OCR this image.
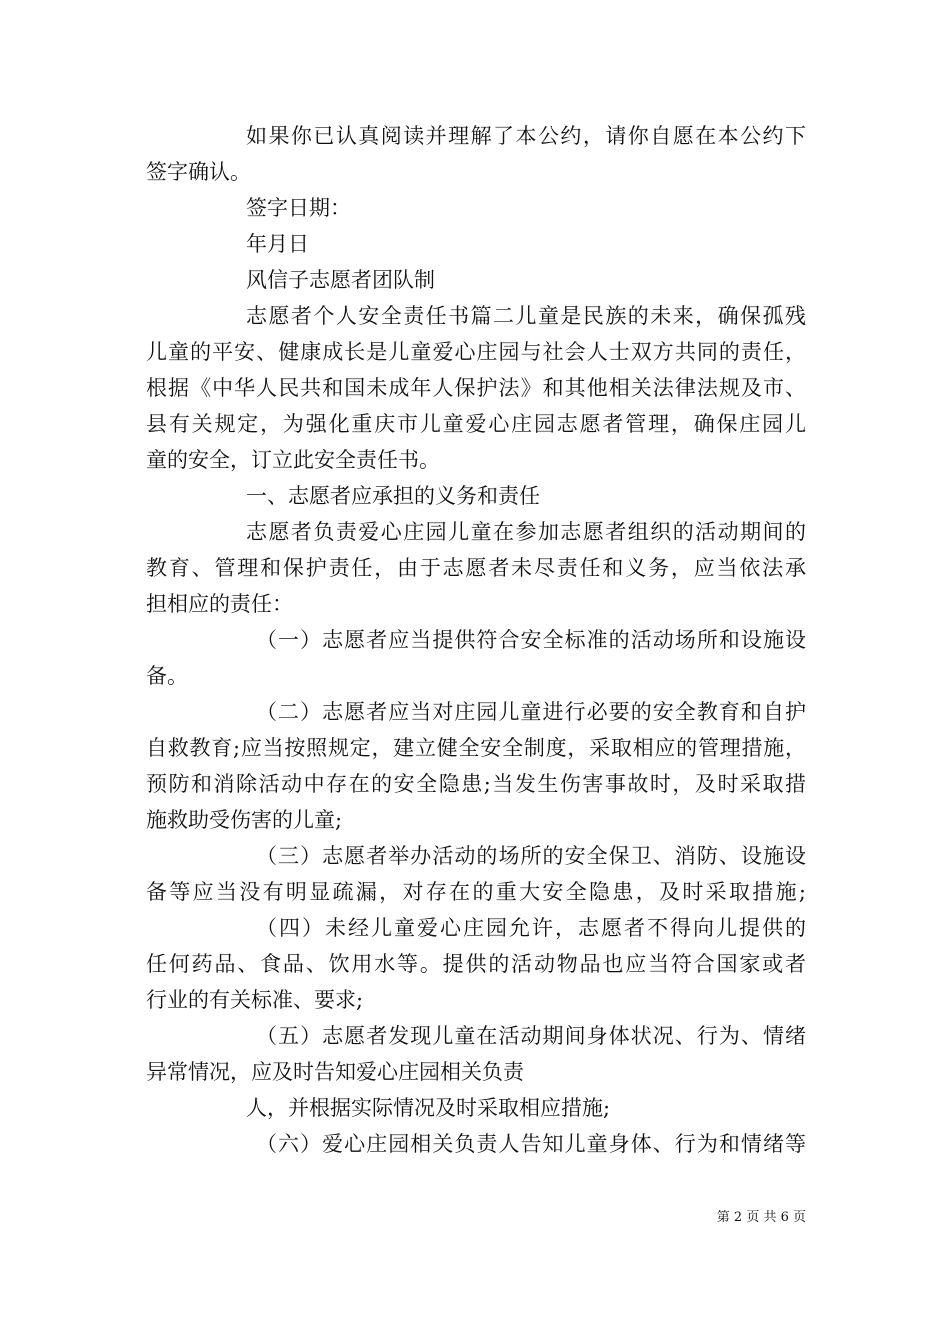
如果你已认真阅读并理解了本公约，请你自愿在本公约下
签字确认。
签字日期：
年月日
风信子志愿者团队制
志愿者个人安全责任书篇二儿童是民族的未来，确保孤残
儿童的平安、健康成长是儿童爱心庄园与社会人士双方共同的责任，
根据《中华人民共和国未成年人保护法》和其他相关法律法规及市、
县有关规定，为强化重庆市儿童爱心庄园志愿者管理，确保庄园儿
童的安全，订立此安全责任书。
一、志愿者应承担的义务和责任
志愿者负责爱心庄园儿童在参加志愿者组织的活动期间的
教育、管理和保护责任，由于志愿者未尽责任和义务，应当依法承
担相应的责任：
（一）志愿者应当提供符合安全标准的活动场所和设施设
备。
（二）志愿者应当对庄园儿童进行必要的安全教育和自护
自救教育;应当按照规定，建立健全安全制度，采取相应的管理措施，
预防和消除活动中存在的安全隐患;当发生伤害事故时，及时采取措
施救助受伤害的儿童;
（三）志愿者举办活动的场所的安全保卫、消防、设施设
备等应当没有明显疏漏，对存在的重大安全隐患，及时采取措施;
（四）未经儿童爱心庄园允许，志愿者不得向儿提供的
任何药品、食品、饮用水等。提供的活动物品也应当符合国家或者
行业的有关标准、要求;
（五）志愿者发现儿童在活动期间身体状况、行为、情绪
异常情况，应及时告知爱心庄园相关负责
人，并根据实际情况及时采取相应措施;
（六）爱心庄园相关负责人告知儿童身体、行为和情绪等
第 2 页 共 6 页
